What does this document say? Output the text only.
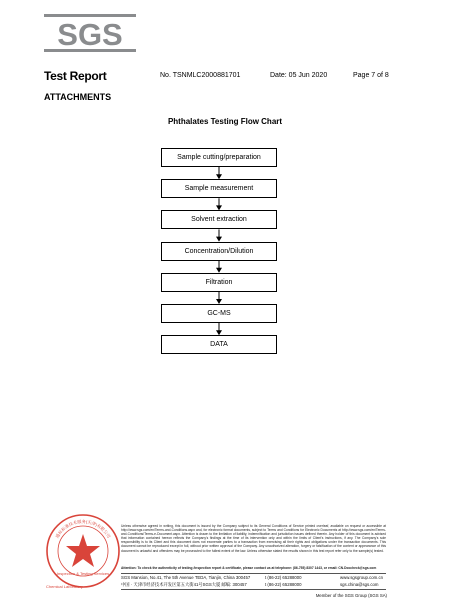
SGS
Test Report	No. TSNMLC2000881701	Date: 05 Jun 2020	Page 7 of 8
ATTACHMENTS
Phthalates Testing Flow Chart
Sample cutting/preparation
Sample measurement
Solvent extraction
Concentration/Dilution
Filtration
GC-MS
DATA
通标标准技术服务(天津)有限公司
Inspection & Testing Services
Chemical Laboratory
Unless otherwise agreed in writing, this document is issued by the Company subject to its General Conditions of Service printed overleaf, available on request or accessible at http://www.sgs.com/en/Terms-and-Conditions.aspx and, for electronic format documents, subject to Terms and Conditions for Electronic Documents at http://www.sgs.com/en/Terms-and-Conditions/Terms-e-Document.aspx. Attention is drawn to the limitation of liability, indemnification and jurisdiction issues defined therein. Any holder of this document is advised that information contained hereon reflects the Company's findings at the time of its intervention only and within the limits of Client's instructions, if any. The Company's sole responsibility is to its Client and this document does not exonerate parties to a transaction from exercising all their rights and obligations under the transaction documents. This document cannot be reproduced except in full, without prior written approval of the Company. Any unauthorized alteration, forgery or falsification of the content or appearance of this document is unlawful and offenders may be prosecuted to the fullest extent of the law. Unless otherwise stated the results shown in this test report refer only to the sample(s) tested.
Attention: To check the authenticity of testing /inspection report & certificate, please contact us at telephone: (86-755) 8307 1443, or email: CN.Doccheck@sgs.com
SGS Mansion, No.41, The 5th Avenue TEDA, Tianjin, China 300457	t (86-22) 65288000	www.sgsgroup.com.cn
中国 · 天津市经济技术开发区第五大街41号SGS大厦 邮编: 300457	t (86-22) 65288000	sgs.china@sgs.com
Member of the SGS Group (SGS SA)
